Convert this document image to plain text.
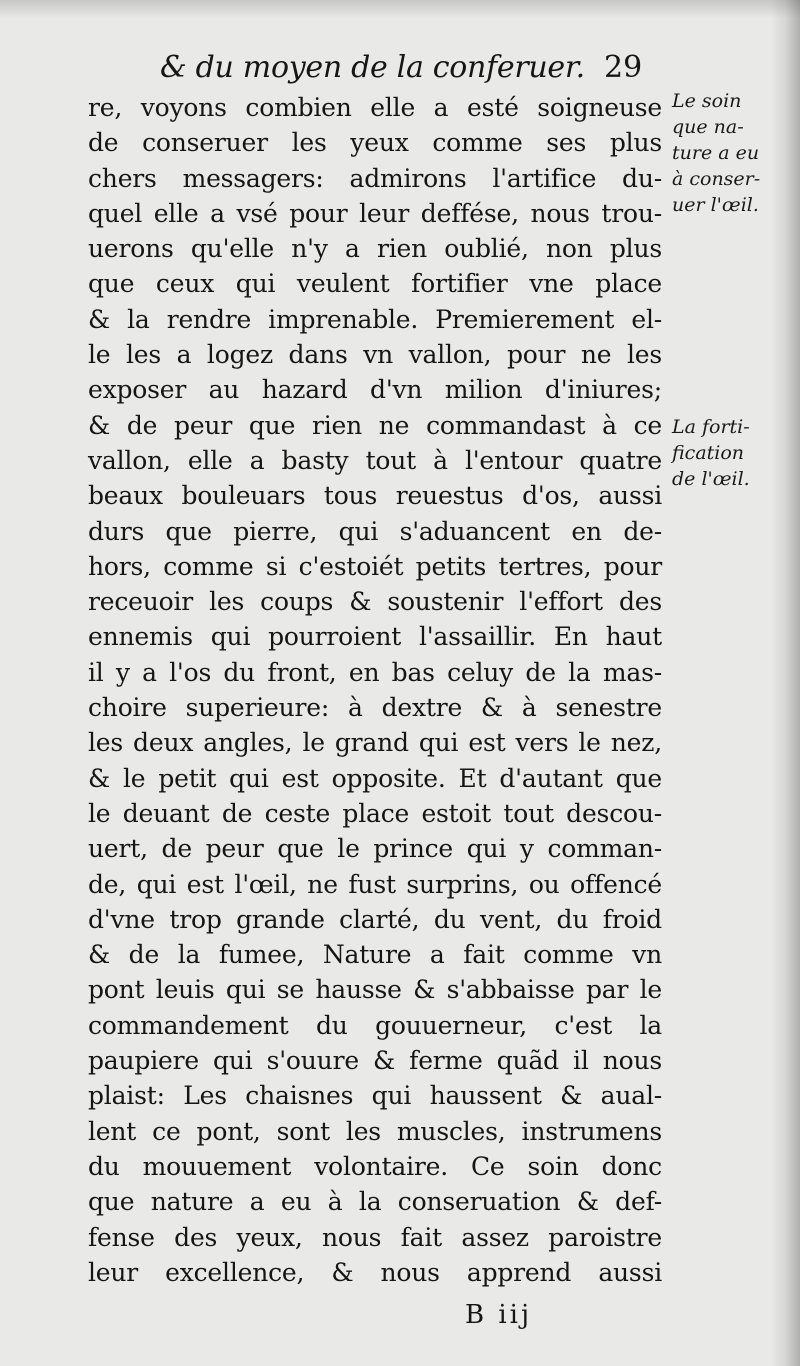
& du moyen de la conferuer. 29
re, voyons combien elle a esté soigneuse
de conseruer les yeux comme ses plus
chers messagers: admirons l'artifice du-
quel elle a vsé pour leur deffése, nous trou-
uerons qu'elle n'y a rien oublié, non plus
que ceux qui veulent fortifier vne place
& la rendre imprenable. Premierement el-
le les a logez dans vn vallon, pour ne les
exposer au hazard d'vn milion d'iniures;
& de peur que rien ne commandast à ce
vallon, elle a basty tout à l'entour quatre
beaux bouleuars tous reuestus d'os, aussi
durs que pierre, qui s'aduancent en de-
hors, comme si c'estoiét petits tertres, pour
receuoir les coups & soustenir l'effort des
ennemis qui pourroient l'assaillir. En haut
il y a l'os du front, en bas celuy de la mas-
choire superieure: à dextre & à senestre
les deux angles, le grand qui est vers le nez,
& le petit qui est opposite. Et d'autant que
le deuant de ceste place estoit tout descou-
uert, de peur que le prince qui y comman-
de, qui est l'œil, ne fust surprins, ou offencé
d'vne trop grande clarté, du vent, du froid
& de la fumee, Nature a fait comme vn
pont leuis qui se hausse & s'abbaisse par le
commandement du gouuerneur, c'est la
paupiere qui s'ouure & ferme quãd il nous
plaist: Les chaisnes qui haussent & aual-
lent ce pont, sont les muscles, instrumens
du mouuement volontaire. Ce soin donc
que nature a eu à la conseruation & def-
fense des yeux, nous fait assez paroistre
leur excellence, & nous apprend aussi
Le soin
que na-
ture a eu
à conser-
uer l'œil.
La forti-
fication
de l'œil.
B iij
